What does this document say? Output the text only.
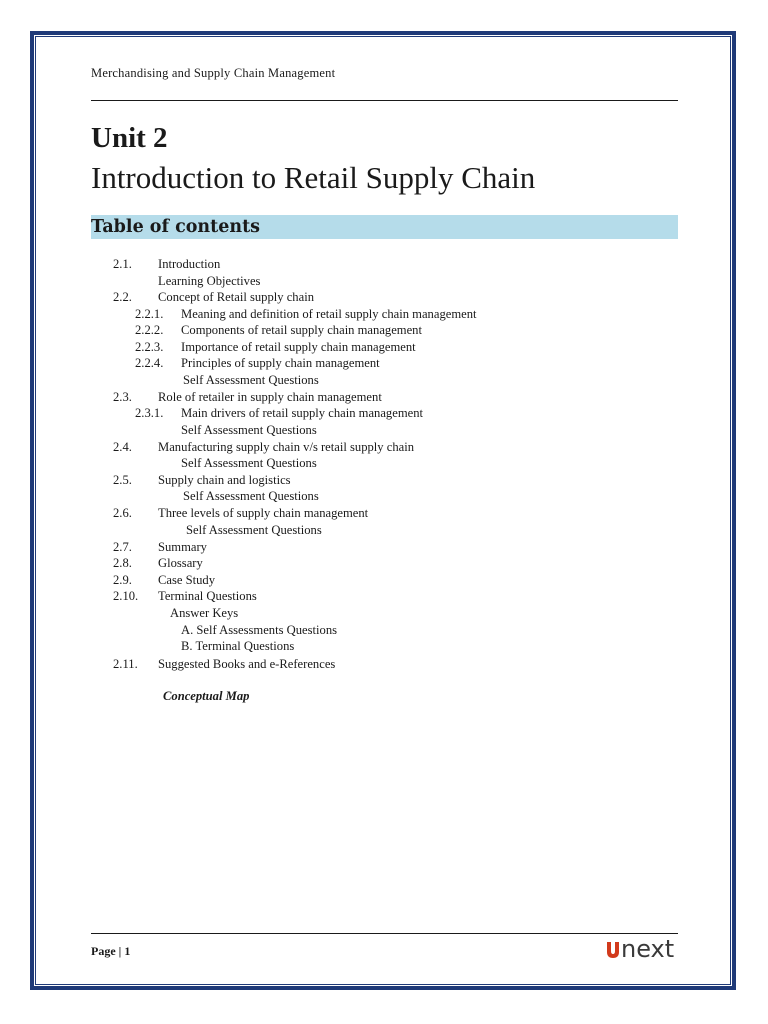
Merchandising and Supply Chain Management
Unit 2
Introduction to Retail Supply Chain
Table of contents
2.1. Introduction
Learning Objectives
2.2. Concept of Retail supply chain
2.2.1. Meaning and definition of retail supply chain management
2.2.2. Components of retail supply chain management
2.2.3. Importance of retail supply chain management
2.2.4. Principles of supply chain management
Self Assessment Questions
2.3. Role of retailer in supply chain management
2.3.1. Main drivers of retail supply chain management
Self Assessment Questions
2.4. Manufacturing supply chain v/s retail supply chain
Self Assessment Questions
2.5. Supply chain and logistics
Self Assessment Questions
2.6. Three levels of supply chain management
Self Assessment Questions
2.7. Summary
2.8. Glossary
2.9. Case Study
2.10. Terminal Questions
Answer Keys
A. Self Assessments Questions
B. Terminal Questions
2.11. Suggested Books and e-References
Conceptual Map
Page | 1	next
